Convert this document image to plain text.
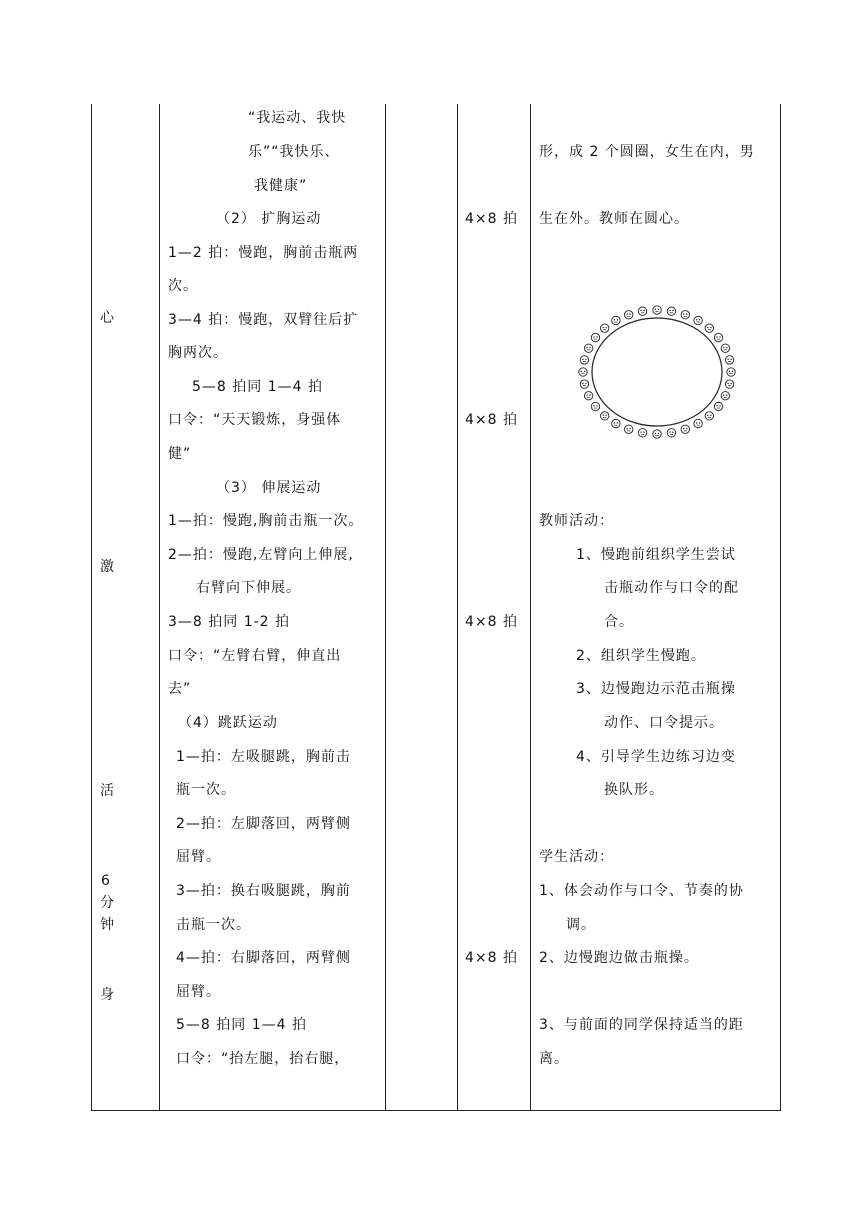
心
激
活
6
分
钟
身
“我运动、我快
乐”“我快乐、
我健康”
（2） 扩胸运动
1—2 拍：慢跑，胸前击瓶两
次。
3—4 拍：慢跑，双臂往后扩
胸两次。
5—8 拍同 1—4 拍
口令：“天天锻炼，身强体
健”
（3） 伸展运动
1—拍：慢跑,胸前击瓶一次。
2—拍：慢跑,左臂向上伸展,
右臂向下伸展。
3—8 拍同 1-2 拍
口令：“左臂右臂，伸直出
去”
（4）跳跃运动
1—拍：左吸腿跳，胸前击
瓶一次。
2—拍：左脚落回，两臂侧
屈臂。
3—拍：换右吸腿跳，胸前
击瓶一次。
4—拍：右脚落回，两臂侧
屈臂。
5—8 拍同 1—4 拍
口令：“抬左腿，抬右腿，
4×8 拍
4×8 拍
4×8 拍
4×8 拍
形，成 2 个圆圈，女生在内，男
生在外。教师在圆心。
教师活动：
1、慢跑前组织学生尝试
击瓶动作与口令的配
合。
2、组织学生慢跑。
3、边慢跑边示范击瓶操
动作、口令提示。
4、引导学生边练习边变
换队形。
学生活动：
1、体会动作与口令、节奏的协
调。
2、边慢跑边做击瓶操。
3、与前面的同学保持适当的距
离。
